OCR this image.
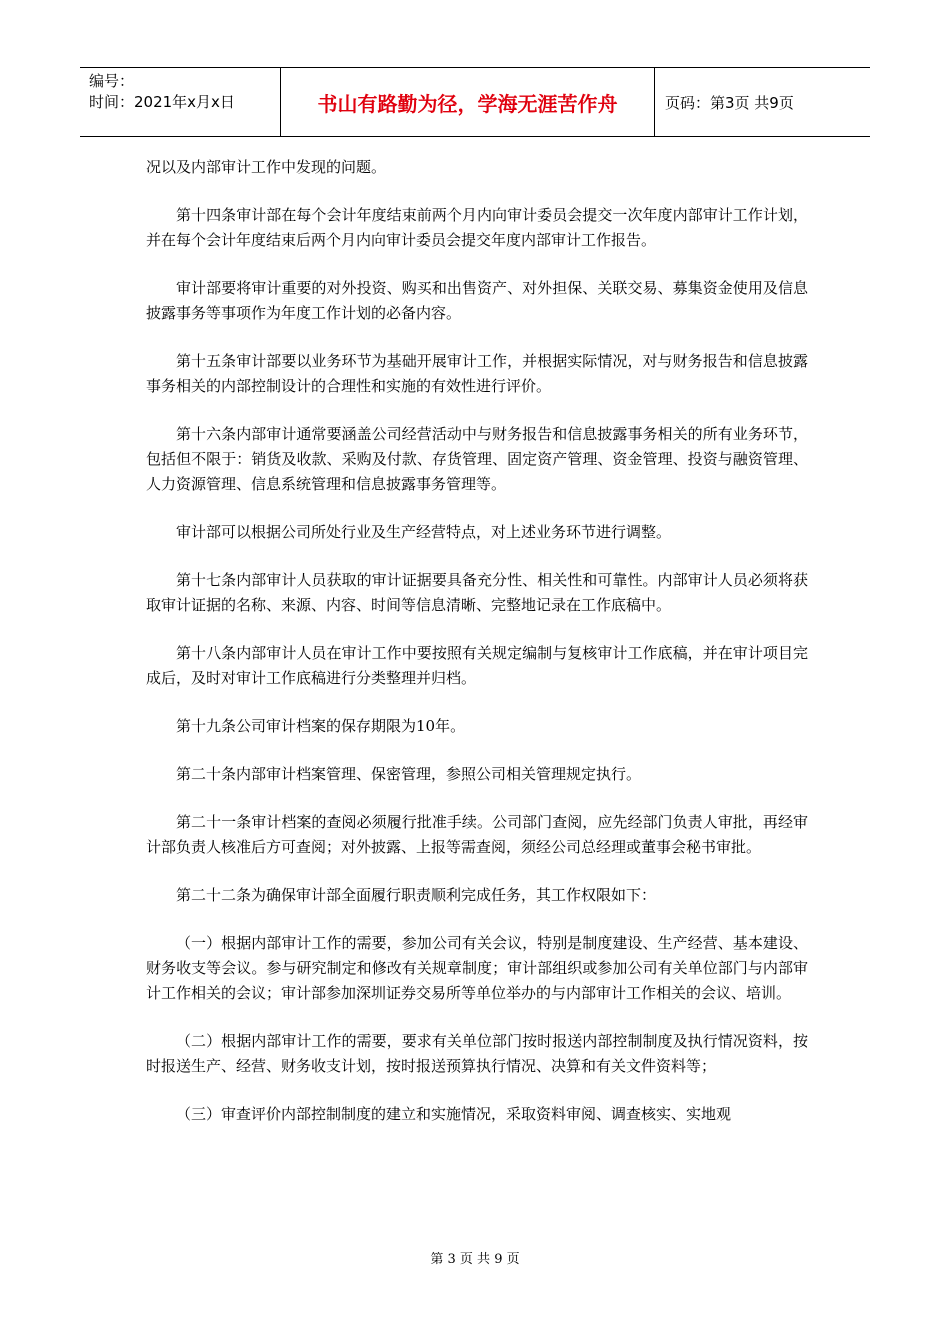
编号：
时间：2021年x月x日	书山有路勤为径，学海无涯苦作舟	页码：第3页 共9页

况以及内部审计工作中发现的问题。

第十四条审计部在每个会计年度结束前两个月内向审计委员会提交一次年度内部审计工作计划，并在每个会计年度结束后两个月内向审计委员会提交年度内部审计工作报告。

审计部要将审计重要的对外投资、购买和出售资产、对外担保、关联交易、募集资金使用及信息披露事务等事项作为年度工作计划的必备内容。

第十五条审计部要以业务环节为基础开展审计工作，并根据实际情况，对与财务报告和信息披露事务相关的内部控制设计的合理性和实施的有效性进行评价。

第十六条内部审计通常要涵盖公司经营活动中与财务报告和信息披露事务相关的所有业务环节，包括但不限于：销货及收款、采购及付款、存货管理、固定资产管理、资金管理、投资与融资管理、人力资源管理、信息系统管理和信息披露事务管理等。

审计部可以根据公司所处行业及生产经营特点，对上述业务环节进行调整。

第十七条内部审计人员获取的审计证据要具备充分性、相关性和可靠性。内部审计人员必须将获取审计证据的名称、来源、内容、时间等信息清晰、完整地记录在工作底稿中。

第十八条内部审计人员在审计工作中要按照有关规定编制与复核审计工作底稿，并在审计项目完成后，及时对审计工作底稿进行分类整理并归档。

第十九条公司审计档案的保存期限为10年。

第二十条内部审计档案管理、保密管理，参照公司相关管理规定执行。

第二十一条审计档案的查阅必须履行批准手续。公司部门查阅，应先经部门负责人审批，再经审计部负责人核准后方可查阅；对外披露、上报等需查阅，须经公司总经理或董事会秘书审批。

第二十二条为确保审计部全面履行职责顺利完成任务，其工作权限如下：

（一）根据内部审计工作的需要，参加公司有关会议，特别是制度建设、生产经营、基本建设、财务收支等会议。参与研究制定和修改有关规章制度；审计部组织或参加公司有关单位部门与内部审计工作相关的会议；审计部参加深圳证券交易所等单位举办的与内部审计工作相关的会议、培训。

（二）根据内部审计工作的需要，要求有关单位部门按时报送内部控制制度及执行情况资料，按时报送生产、经营、财务收支计划，按时报送预算执行情况、决算和有关文件资料等；

（三）审查评价内部控制制度的建立和实施情况，采取资料审阅、调查核实、实地观

第 3 页 共 9 页
